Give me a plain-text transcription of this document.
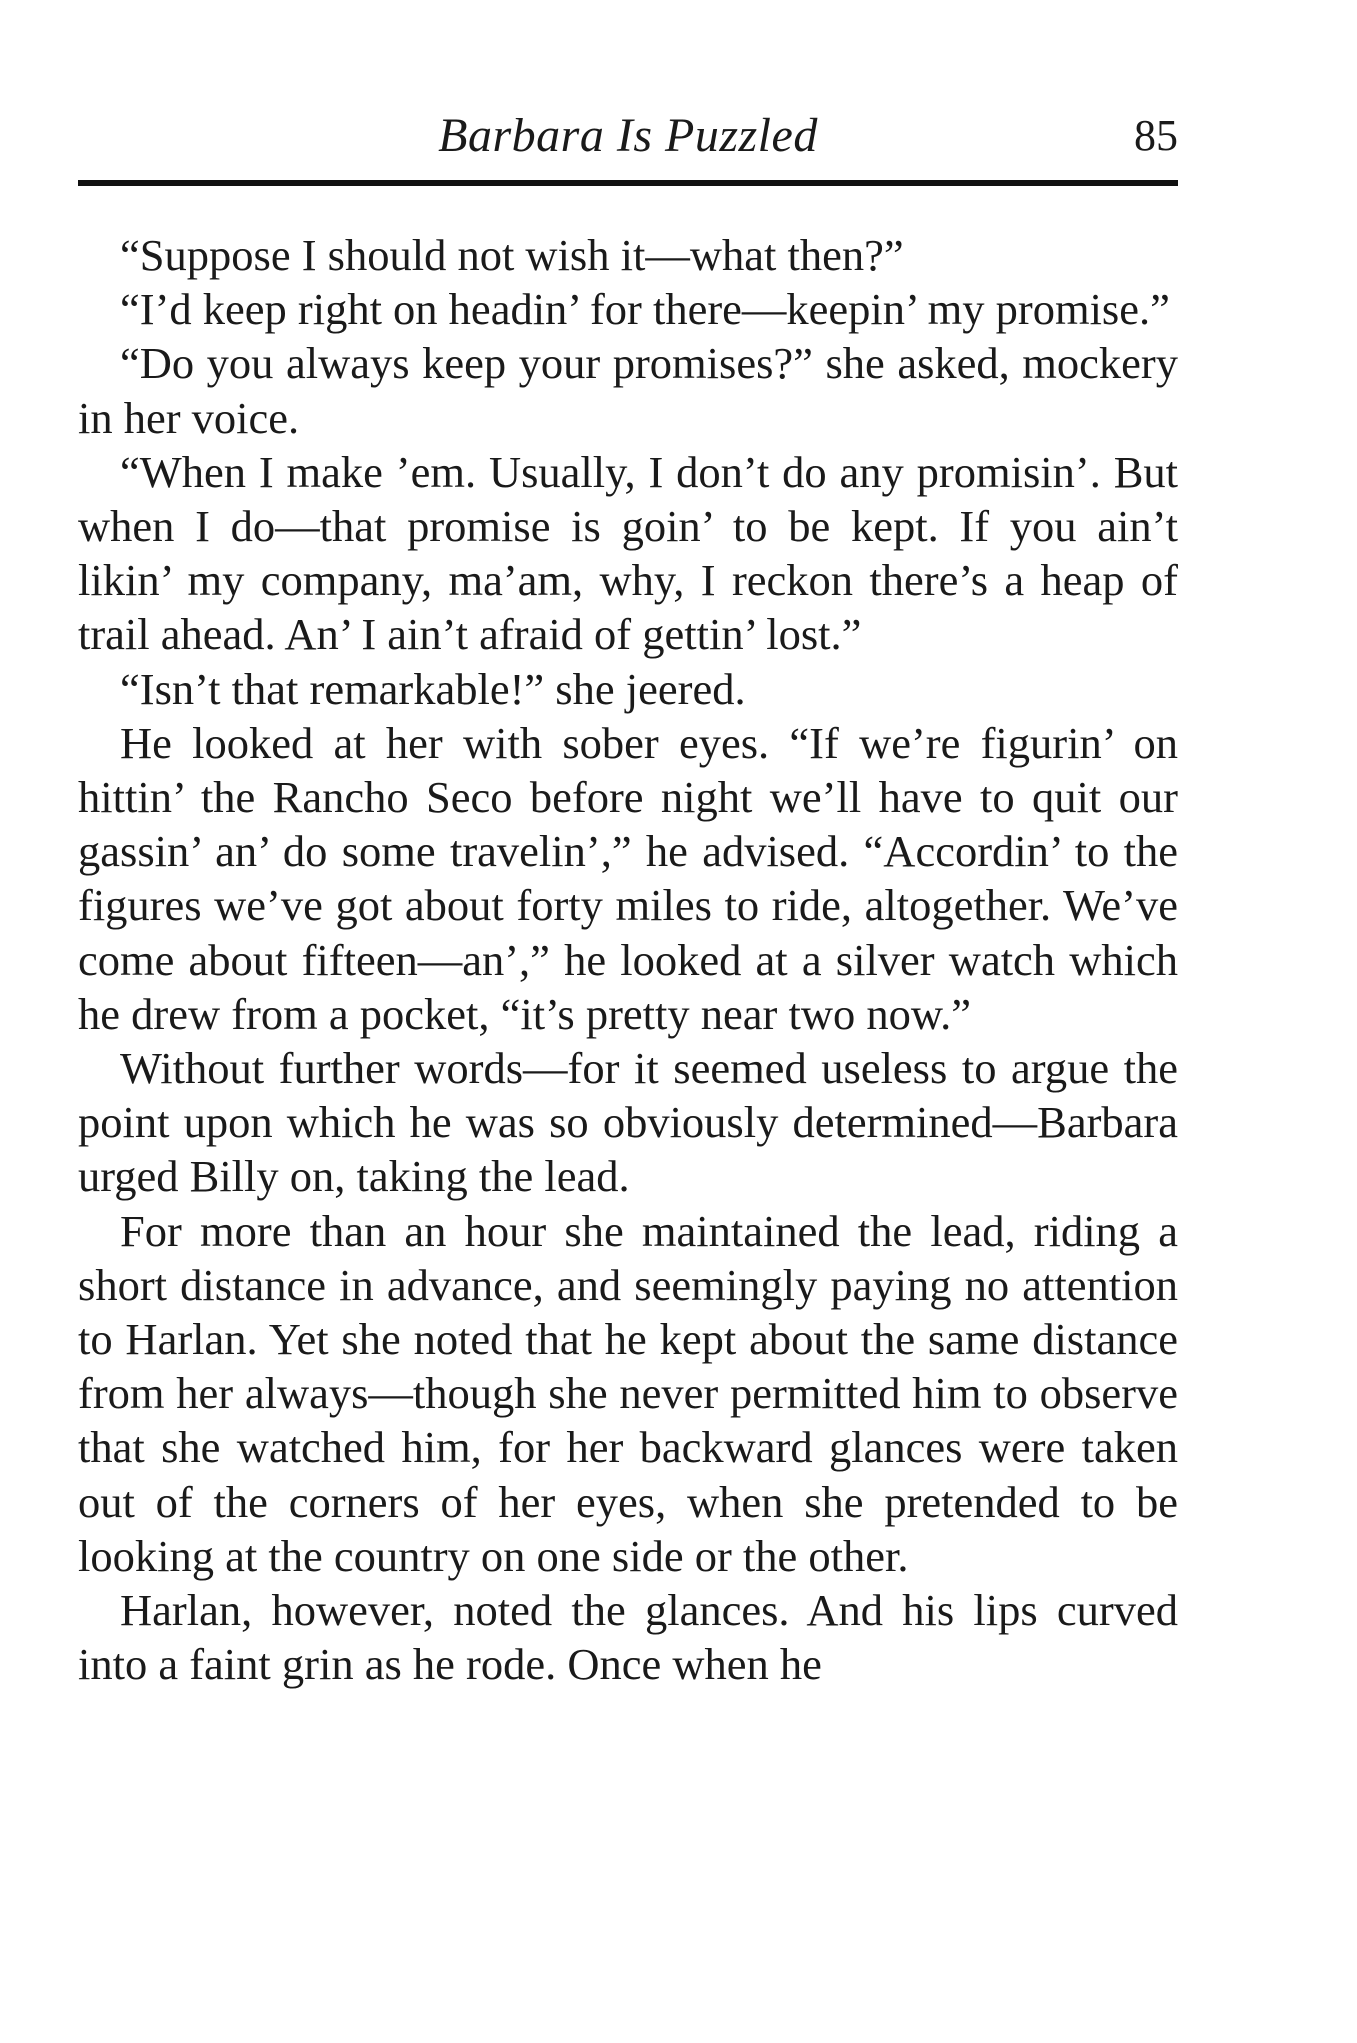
Barbara Is Puzzled	85

“Suppose I should not wish it—what then?”

“I’d keep right on headin’ for there—keepin’ my promise.”

“Do you always keep your promises?” she asked, mockery in her voice.

“When I make ’em. Usually, I don’t do any promisin’. But when I do—that promise is goin’ to be kept. If you ain’t likin’ my company, ma’am, why, I reckon there’s a heap of trail ahead. An’ I ain’t afraid of gettin’ lost.”

“Isn’t that remarkable!” she jeered.

He looked at her with sober eyes. “If we’re figurin’ on hittin’ the Rancho Seco before night we’ll have to quit our gassin’ an’ do some travelin’,” he advised. “Accordin’ to the figures we’ve got about forty miles to ride, altogether. We’ve come about fifteen—an’,” he looked at a silver watch which he drew from a pocket, “it’s pretty near two now.”

Without further words—for it seemed useless to argue the point upon which he was so obviously determined—Barbara urged Billy on, taking the lead.

For more than an hour she maintained the lead, riding a short distance in advance, and seemingly paying no attention to Harlan. Yet she noted that he kept about the same distance from her always—though she never permitted him to observe that she watched him, for her backward glances were taken out of the corners of her eyes, when she pretended to be looking at the country on one side or the other.

Harlan, however, noted the glances. And his lips curved into a faint grin as he rode. Once when he
